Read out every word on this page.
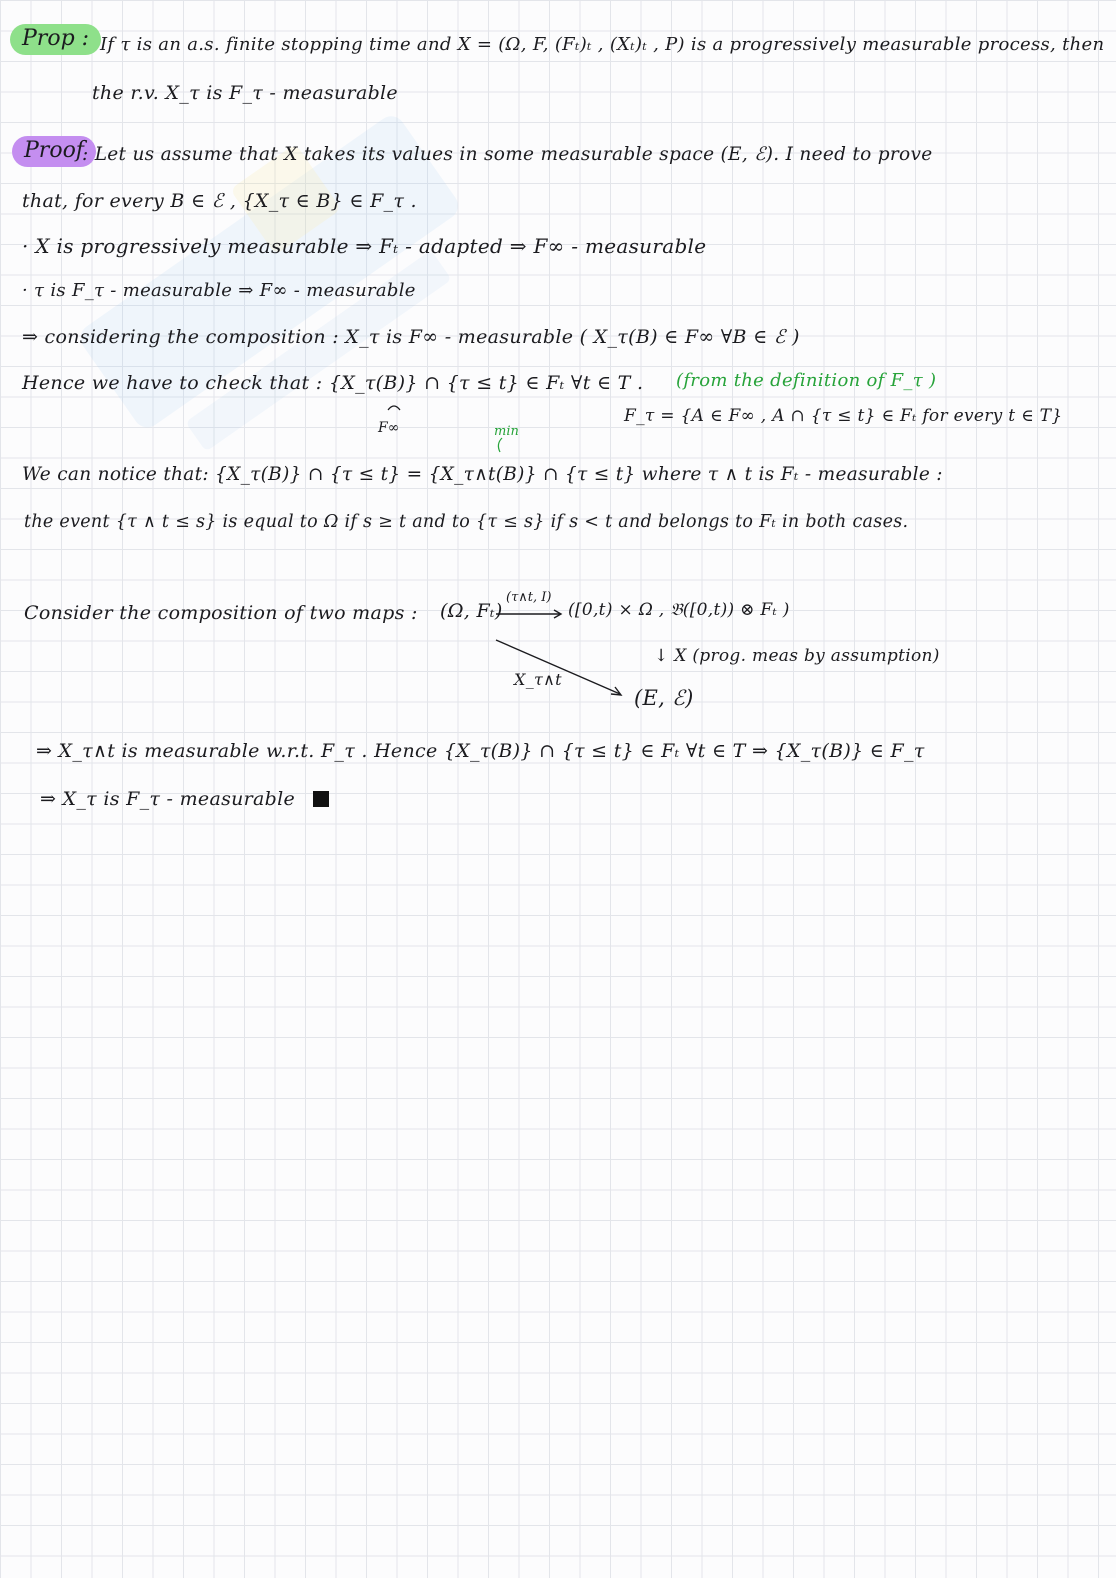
Prop : If τ is an a.s. finite stopping time and X = (Ω, F, (Fₜ)ₜ , (Xₜ)ₜ , P) is a progressively measurable process, then
the r.v. X_τ is F_τ - measurable
Proof
: Let us assume that X takes its values in some measurable space (E, ℰ). I need to prove
that, for every B ∈ ℰ , {X_τ ∈ B} ∈ F_τ .
· X is progressively measurable ⇒ Fₜ - adapted ⇒ F∞ - measurable
· τ is F_τ - measurable ⇒ F∞ - measurable
⇒ considering the composition : X_τ is F∞ - measurable ( X_τ(B) ∈ F∞ ∀B ∈ ℰ )
Hence we have to check that : {X_τ(B)} ∩ {τ ≤ t} ∈ Fₜ ∀t ∈ T . (from the definition of F_τ )
F∞	min
F_τ = {A ∈ F∞ , A ∩ {τ ≤ t} ∈ Fₜ for every t ∈ T}
We can notice that: {X_τ(B)} ∩ {τ ≤ t} = {X_τ∧t(B)} ∩ {τ ≤ t} where τ ∧ t is Fₜ - measurable :
the event {τ ∧ t ≤ s} is equal to Ω if s ≥ t and to {τ ≤ s} if s < t and belongs to Fₜ in both cases.
Consider the composition of two maps : (Ω, Fₜ)
(τ∧t, I)
([0,t) × Ω , 𝔅([0,t)) ⊗ Fₜ )
↓ X (prog. meas by assumption)
X_τ∧t
(E, ℰ)
⇒ X_τ∧t is measurable w.r.t. F_τ . Hence {X_τ(B)} ∩ {τ ≤ t} ∈ Fₜ ∀t ∈ T ⇒ {X_τ(B)} ∈ F_τ
⇒ X_τ is F_τ - measurable
